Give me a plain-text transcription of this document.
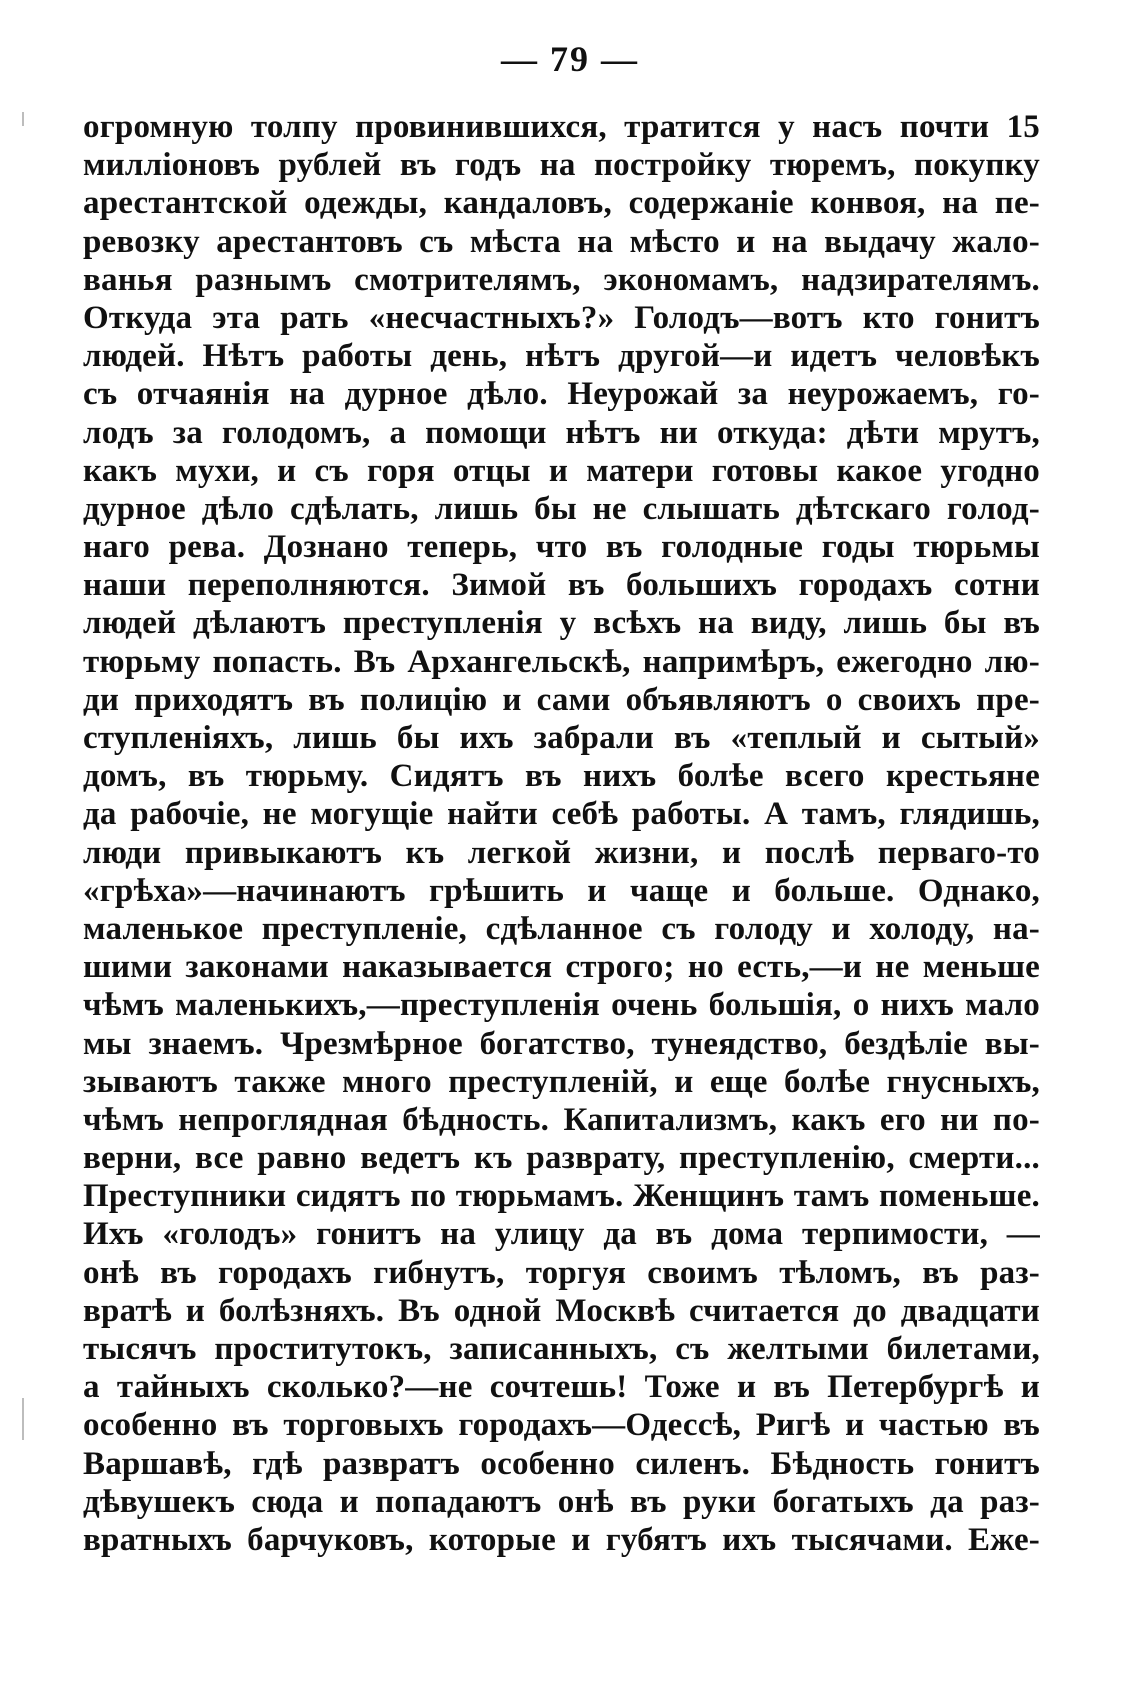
— 79 —
огромную толпу провинившихся, тратится у насъ почти 15
милліоновъ рублей въ годъ на постройку тюремъ, покупку
арестантской одежды, кандаловъ, содержаніе конвоя, на пе-
ревозку арестантовъ съ мѣста на мѣсто и на выдачу жало-
ванья разнымъ смотрителямъ, экономамъ, надзирателямъ.
Откуда эта рать «несчастныхъ?» Голодъ—вотъ кто гонитъ
людей. Нѣтъ работы день, нѣтъ другой—и идетъ человѣкъ
съ отчаянія на дурное дѣло. Неурожай за неурожаемъ, го-
лодъ за голодомъ, а помощи нѣтъ ни откуда: дѣти мрутъ,
какъ мухи, и съ горя отцы и матери готовы какое угодно
дурное дѣло сдѣлать, лишь бы не слышать дѣтскаго голод-
наго рева. Дознано теперь, что въ голодные годы тюрьмы
наши переполняются. Зимой въ большихъ городахъ сотни
людей дѣлаютъ преступленія у всѣхъ на виду, лишь бы въ
тюрьму попасть. Въ Архангельскѣ, напримѣръ, ежегодно лю-
ди приходятъ въ полицію и сами объявляютъ о своихъ пре-
ступленіяхъ, лишь бы ихъ забрали въ «теплый и сытый»
домъ, въ тюрьму. Сидятъ въ нихъ болѣе всего крестьяне
да рабочіе, не могущіе найти себѣ работы. А тамъ, глядишь,
люди привыкаютъ къ легкой жизни, и послѣ перваго-то
«грѣха»—начинаютъ грѣшить и чаще и больше. Однако,
маленькое преступленіе, сдѣланное съ голоду и холоду, на-
шими законами наказывается строго; но есть,—и не меньше
чѣмъ маленькихъ,—преступленія очень большія, о нихъ мало
мы знаемъ. Чрезмѣрное богатство, тунеядство, бездѣліе вы-
зываютъ также много преступленій, и еще болѣе гнусныхъ,
чѣмъ непроглядная бѣдность. Капитализмъ, какъ его ни по-
верни, все равно ведетъ къ разврату, преступленію, смерти...
Преступники сидятъ по тюрьмамъ. Женщинъ тамъ поменьше.
Ихъ «голодъ» гонитъ на улицу да въ дома терпимости, —
онѣ въ городахъ гибнутъ, торгуя своимъ тѣломъ, въ раз-
вратѣ и болѣзняхъ. Въ одной Москвѣ считается до двадцати
тысячъ проститутокъ, записанныхъ, съ желтыми билетами,
а тайныхъ сколько?—не сочтешь! Тоже и въ Петербургѣ и
особенно въ торговыхъ городахъ—Одессѣ, Ригѣ и частью въ
Варшавѣ, гдѣ развратъ особенно силенъ. Бѣдность гонитъ
дѣвушекъ сюда и попадаютъ онѣ въ руки богатыхъ да раз-
вратныхъ барчуковъ, которые и губятъ ихъ тысячами. Еже-
